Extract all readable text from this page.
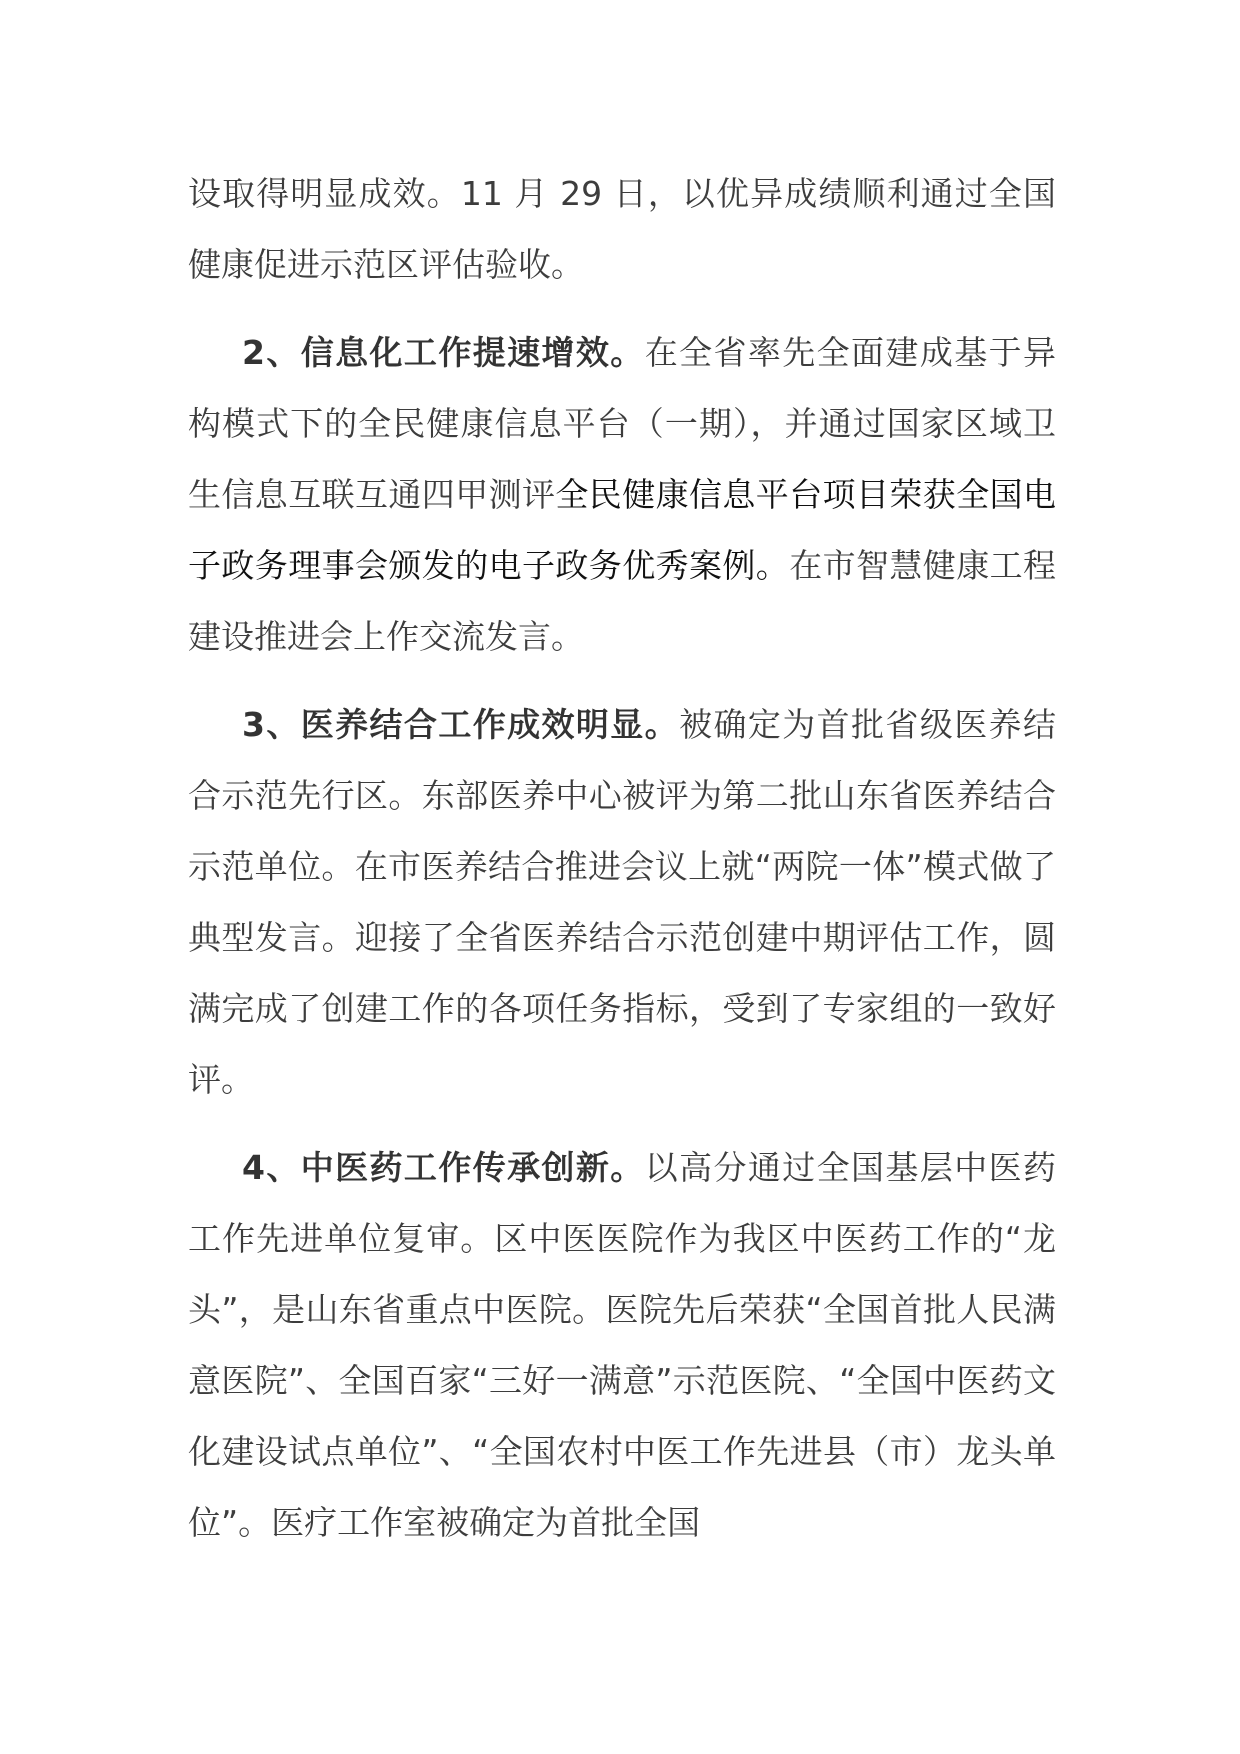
设取得明显成效。11 月 29 日，以优异成绩顺利通过全国健康促进示范区评估验收。

2、信息化工作提速增效。在全省率先全面建成基于异构模式下的全民健康信息平台（一期），并通过国家区域卫生信息互联互通四甲测评全民健康信息平台项目荣获全国电子政务理事会颁发的电子政务优秀案例。在市智慧健康工程建设推进会上作交流发言。

3、医养结合工作成效明显。被确定为首批省级医养结合示范先行区。东部医养中心被评为第二批山东省医养结合示范单位。在市医养结合推进会议上就“两院一体”模式做了典型发言。迎接了全省医养结合示范创建中期评估工作，圆满完成了创建工作的各项任务指标，受到了专家组的一致好评。

4、中医药工作传承创新。以高分通过全国基层中医药工作先进单位复审。区中医医院作为我区中医药工作的“龙头”，是山东省重点中医院。医院先后荣获“全国首批人民满意医院”、全国百家“三好一满意”示范医院、“全国中医药文化建设试点单位”、“全国农村中医工作先进县（市）龙头单位”。医疗工作室被确定为首批全国
